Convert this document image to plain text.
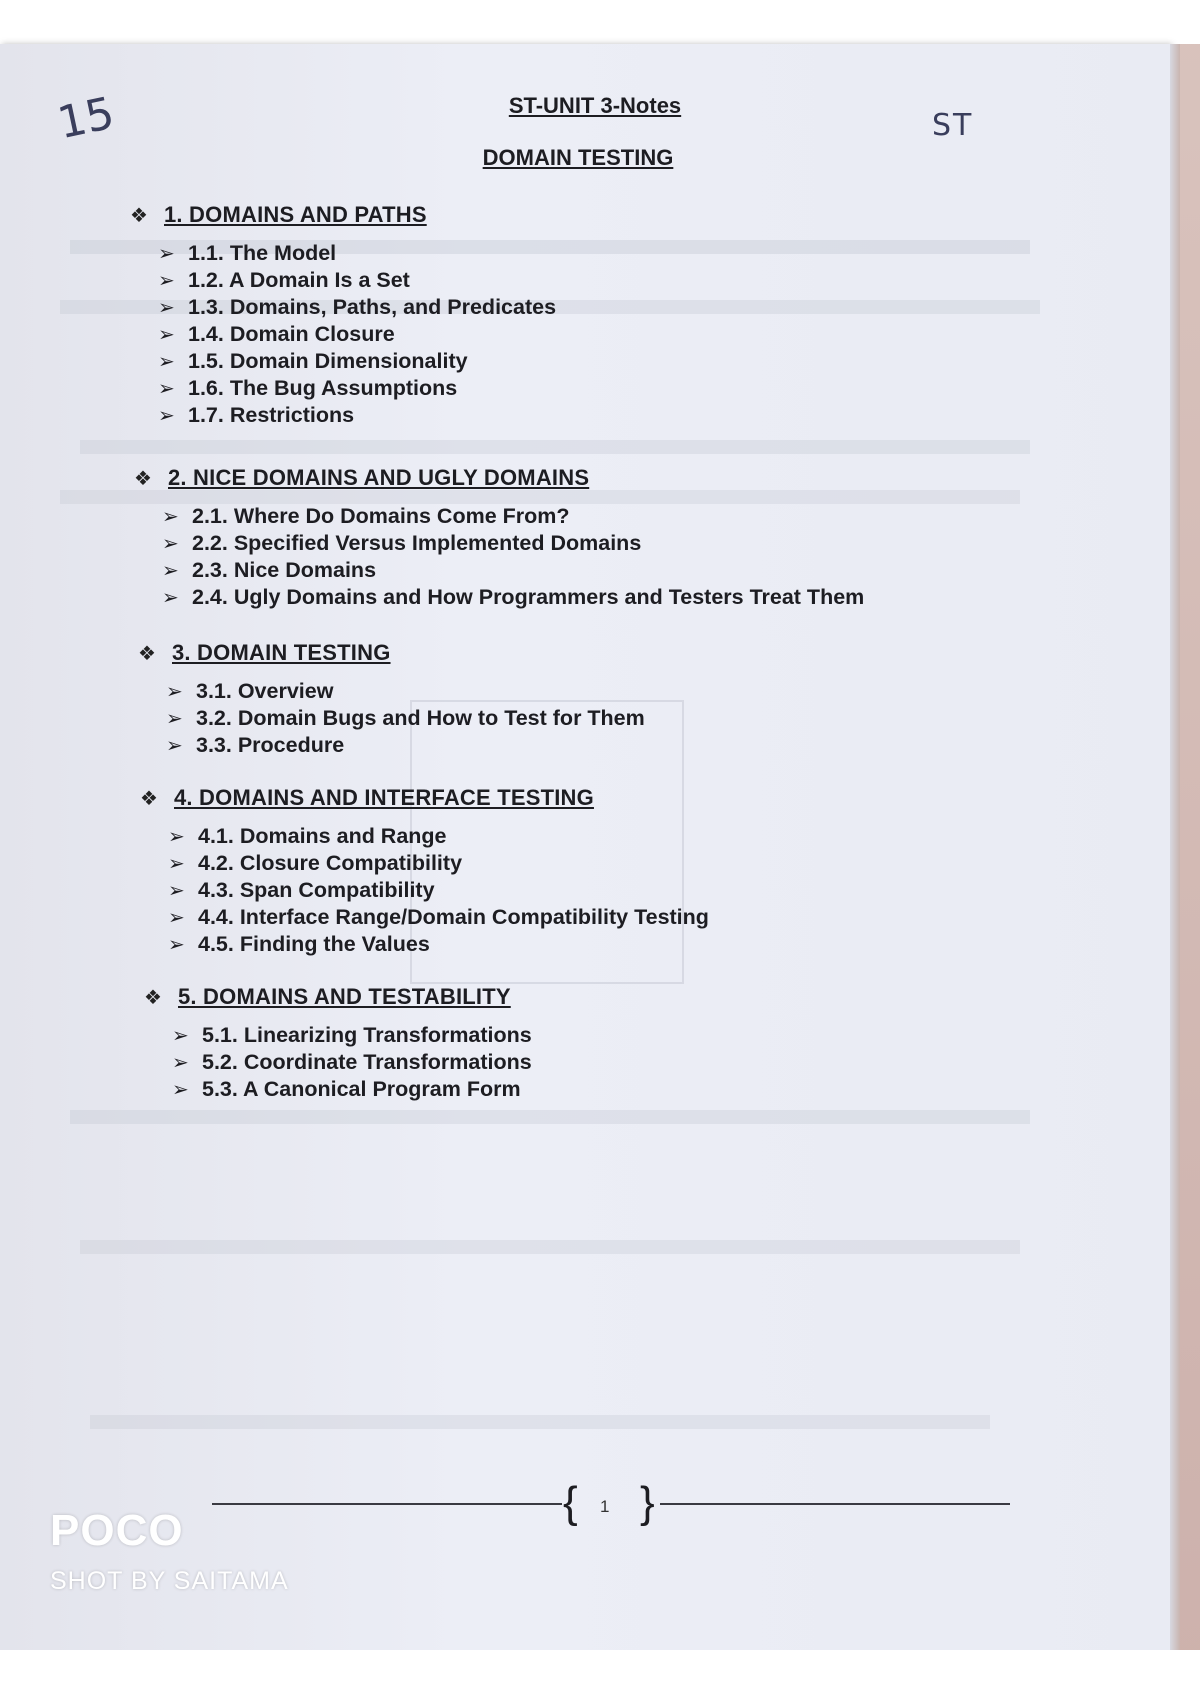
15	ST
ST-UNIT 3-Notes
DOMAIN TESTING
❖ 1. DOMAINS AND PATHS
➢ 1.1. The Model
➢ 1.2. A Domain Is a Set
➢ 1.3. Domains, Paths, and Predicates
➢ 1.4. Domain Closure
➢ 1.5. Domain Dimensionality
➢ 1.6. The Bug Assumptions
➢ 1.7. Restrictions
❖ 2. NICE DOMAINS AND UGLY DOMAINS
➢ 2.1. Where Do Domains Come From?
➢ 2.2. Specified Versus Implemented Domains
➢ 2.3. Nice Domains
➢ 2.4. Ugly Domains and How Programmers and Testers Treat Them
❖ 3. DOMAIN TESTING
➢ 3.1. Overview
➢ 3.2. Domain Bugs and How to Test for Them
➢ 3.3. Procedure
❖ 4. DOMAINS AND INTERFACE TESTING
➢ 4.1. Domains and Range
➢ 4.2. Closure Compatibility
➢ 4.3. Span Compatibility
➢ 4.4. Interface Range/Domain Compatibility Testing
➢ 4.5. Finding the Values
❖ 5. DOMAINS AND TESTABILITY
➢ 5.1. Linearizing Transformations
➢ 5.2. Coordinate Transformations
➢ 5.3. A Canonical Program Form
{ 1 }
POCO
SHOT BY SAITAMA
